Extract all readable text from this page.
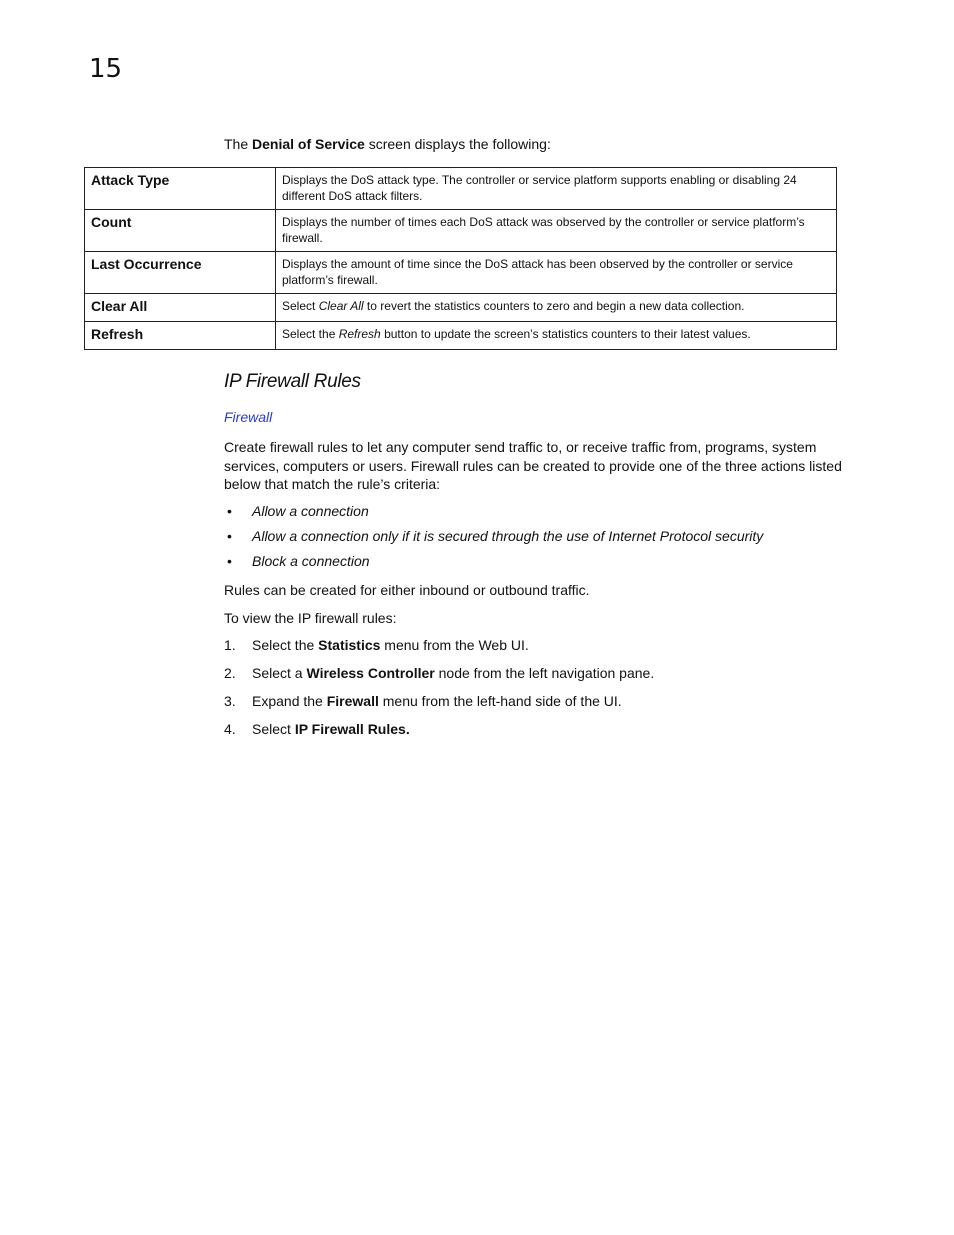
15
The Denial of Service screen displays the following:
Attack Type	Displays the DoS attack type. The controller or service platform supports enabling or disabling 24 different DoS attack filters.
Count	Displays the number of times each DoS attack was observed by the controller or service platform’s firewall.
Last Occurrence	Displays the amount of time since the DoS attack has been observed by the controller or service platform’s firewall.
Clear All	Select Clear All to revert the statistics counters to zero and begin a new data collection.
Refresh	Select the Refresh button to update the screen’s statistics counters to their latest values.
IP Firewall Rules
Firewall
Create firewall rules to let any computer send traffic to, or receive traffic from, programs, system services, computers or users. Firewall rules can be created to provide one of the three actions listed below that match the rule’s criteria:
• Allow a connection
• Allow a connection only if it is secured through the use of Internet Protocol security
• Block a connection
Rules can be created for either inbound or outbound traffic.
To view the IP firewall rules:
1. Select the Statistics menu from the Web UI.
2. Select a Wireless Controller node from the left navigation pane.
3. Expand the Firewall menu from the left-hand side of the UI.
4. Select IP Firewall Rules.
